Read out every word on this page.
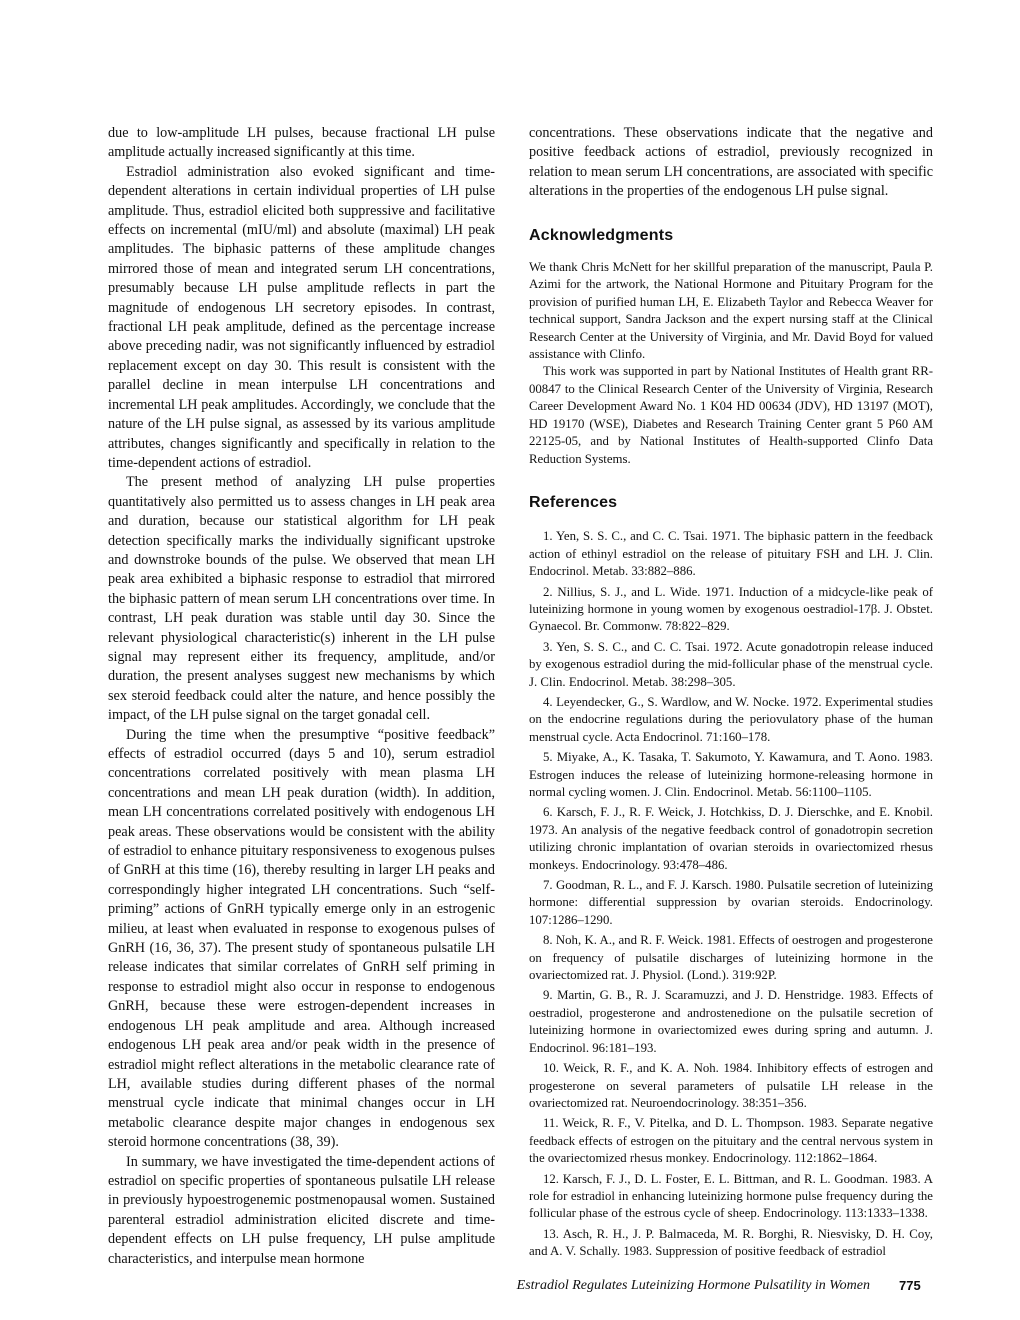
due to low-amplitude LH pulses, because fractional LH pulse amplitude actually increased significantly at this time.

Estradiol administration also evoked significant and time-dependent alterations in certain individual properties of LH pulse amplitude. Thus, estradiol elicited both suppressive and facilitative effects on incremental (mIU/ml) and absolute (maximal) LH peak amplitudes. The biphasic patterns of these amplitude changes mirrored those of mean and integrated serum LH concentrations, presumably because LH pulse amplitude reflects in part the magnitude of endogenous LH secretory episodes. In contrast, fractional LH peak amplitude, defined as the percentage increase above preceding nadir, was not significantly influenced by estradiol replacement except on day 30. This result is consistent with the parallel decline in mean interpulse LH concentrations and incremental LH peak amplitudes. Accordingly, we conclude that the nature of the LH pulse signal, as assessed by its various amplitude attributes, changes significantly and specifically in relation to the time-dependent actions of estradiol.

The present method of analyzing LH pulse properties quantitatively also permitted us to assess changes in LH peak area and duration, because our statistical algorithm for LH peak detection specifically marks the individually significant upstroke and downstroke bounds of the pulse. We observed that mean LH peak area exhibited a biphasic response to estradiol that mirrored the biphasic pattern of mean serum LH concentrations over time. In contrast, LH peak duration was stable until day 30. Since the relevant physiological characteristic(s) inherent in the LH pulse signal may represent either its frequency, amplitude, and/or duration, the present analyses suggest new mechanisms by which sex steroid feedback could alter the nature, and hence possibly the impact, of the LH pulse signal on the target gonadal cell.

During the time when the presumptive “positive feedback” effects of estradiol occurred (days 5 and 10), serum estradiol concentrations correlated positively with mean plasma LH concentrations and mean LH peak duration (width). In addition, mean LH concentrations correlated positively with endogenous LH peak areas. These observations would be consistent with the ability of estradiol to enhance pituitary responsiveness to exogenous pulses of GnRH at this time (16), thereby resulting in larger LH peaks and correspondingly higher integrated LH concentrations. Such “self-priming” actions of GnRH typically emerge only in an estrogenic milieu, at least when evaluated in response to exogenous pulses of GnRH (16, 36, 37). The present study of spontaneous pulsatile LH release indicates that similar correlates of GnRH self priming in response to estradiol might also occur in response to endogenous GnRH, because these were estrogen-dependent increases in endogenous LH peak amplitude and area. Although increased endogenous LH peak area and/or peak width in the presence of estradiol might reflect alterations in the metabolic clearance rate of LH, available studies during different phases of the normal menstrual cycle indicate that minimal changes occur in LH metabolic clearance despite major changes in endogenous sex steroid hormone concentrations (38, 39).

In summary, we have investigated the time-dependent actions of estradiol on specific properties of spontaneous pulsatile LH release in previously hypoestrogenemic postmenopausal women. Sustained parenteral estradiol administration elicited discrete and time-dependent effects on LH pulse frequency, LH pulse amplitude characteristics, and interpulse mean hormone

concentrations. These observations indicate that the negative and positive feedback actions of estradiol, previously recognized in relation to mean serum LH concentrations, are associated with specific alterations in the properties of the endogenous LH pulse signal.

Acknowledgments

We thank Chris McNett for her skillful preparation of the manuscript, Paula P. Azimi for the artwork, the National Hormone and Pituitary Program for the provision of purified human LH, E. Elizabeth Taylor and Rebecca Weaver for technical support, Sandra Jackson and the expert nursing staff at the Clinical Research Center at the University of Virginia, and Mr. David Boyd for valued assistance with Clinfo.

This work was supported in part by National Institutes of Health grant RR-00847 to the Clinical Research Center of the University of Virginia, Research Career Development Award No. 1 K04 HD 00634 (JDV), HD 13197 (MOT), HD 19170 (WSE), Diabetes and Research Training Center grant 5 P60 AM 22125-05, and by National Institutes of Health-supported Clinfo Data Reduction Systems.

References

1. Yen, S. S. C., and C. C. Tsai. 1971. The biphasic pattern in the feedback action of ethinyl estradiol on the release of pituitary FSH and LH. J. Clin. Endocrinol. Metab. 33:882–886.

2. Nillius, S. J., and L. Wide. 1971. Induction of a midcycle-like peak of luteinizing hormone in young women by exogenous oestradiol-17β. J. Obstet. Gynaecol. Br. Commonw. 78:822–829.

3. Yen, S. S. C., and C. C. Tsai. 1972. Acute gonadotropin release induced by exogenous estradiol during the mid-follicular phase of the menstrual cycle. J. Clin. Endocrinol. Metab. 38:298–305.

4. Leyendecker, G., S. Wardlow, and W. Nocke. 1972. Experimental studies on the endocrine regulations during the periovulatory phase of the human menstrual cycle. Acta Endocrinol. 71:160–178.

5. Miyake, A., K. Tasaka, T. Sakumoto, Y. Kawamura, and T. Aono. 1983. Estrogen induces the release of luteinizing hormone-releasing hormone in normal cycling women. J. Clin. Endocrinol. Metab. 56:1100–1105.

6. Karsch, F. J., R. F. Weick, J. Hotchkiss, D. J. Dierschke, and E. Knobil. 1973. An analysis of the negative feedback control of gonadotropin secretion utilizing chronic implantation of ovarian steroids in ovariectomized rhesus monkeys. Endocrinology. 93:478–486.

7. Goodman, R. L., and F. J. Karsch. 1980. Pulsatile secretion of luteinizing hormone: differential suppression by ovarian steroids. Endocrinology. 107:1286–1290.

8. Noh, K. A., and R. F. Weick. 1981. Effects of oestrogen and progesterone on frequency of pulsatile discharges of luteinizing hormone in the ovariectomized rat. J. Physiol. (Lond.). 319:92P.

9. Martin, G. B., R. J. Scaramuzzi, and J. D. Henstridge. 1983. Effects of oestradiol, progesterone and androstenedione on the pulsatile secretion of luteinizing hormone in ovariectomized ewes during spring and autumn. J. Endocrinol. 96:181–193.

10. Weick, R. F., and K. A. Noh. 1984. Inhibitory effects of estrogen and progesterone on several parameters of pulsatile LH release in the ovariectomized rat. Neuroendocrinology. 38:351–356.

11. Weick, R. F., V. Pitelka, and D. L. Thompson. 1983. Separate negative feedback effects of estrogen on the pituitary and the central nervous system in the ovariectomized rhesus monkey. Endocrinology. 112:1862–1864.

12. Karsch, F. J., D. L. Foster, E. L. Bittman, and R. L. Goodman. 1983. A role for estradiol in enhancing luteinizing hormone pulse frequency during the follicular phase of the estrous cycle of sheep. Endocrinology. 113:1333–1338.

13. Asch, R. H., J. P. Balmaceda, M. R. Borghi, R. Niesvisky, D. H. Coy, and A. V. Schally. 1983. Suppression of positive feedback of estradiol

Estradiol Regulates Luteinizing Hormone Pulsatility in Women 775
